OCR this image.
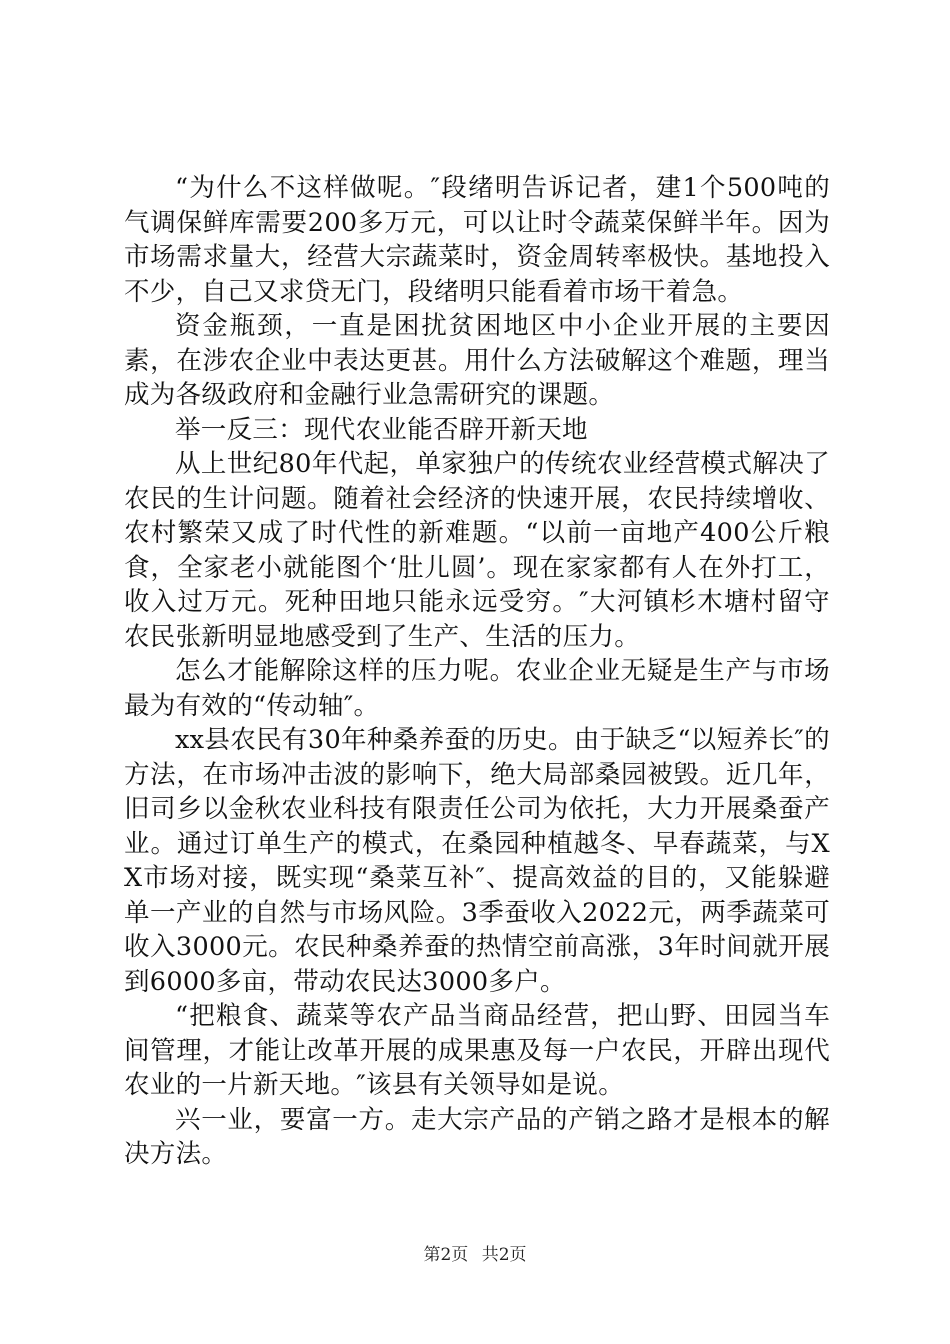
“为什么不这样做呢。″段绪明告诉记者，建1个500吨的气调保鲜库需要200多万元，可以让时令蔬菜保鲜半年。因为市场需求量大，经营大宗蔬菜时，资金周转率极快。基地投入不少，自己又求贷无门，段绪明只能看着市场干着急。

资金瓶颈，一直是困扰贫困地区中小企业开展的主要因素，在涉农企业中表达更甚。用什么方法破解这个难题，理当成为各级政府和金融行业急需研究的课题。

举一反三：现代农业能否辟开新天地

从上世纪80年代起，单家独户的传统农业经营模式解决了农民的生计问题。随着社会经济的快速开展，农民持续增收、农村繁荣又成了时代性的新难题。“以前一亩地产400公斤粮食，全家老小就能图个‘肚儿圆’。现在家家都有人在外打工，收入过万元。死种田地只能永远受穷。″大河镇杉木塘村留守农民张新明显地感受到了生产、生活的压力。

怎么才能解除这样的压力呢。农业企业无疑是生产与市场最为有效的“传动轴″。

xx县农民有30年种桑养蚕的历史。由于缺乏“以短养长″的方法，在市场冲击波的影响下，绝大局部桑园被毁。近几年，旧司乡以金秋农业科技有限责任公司为依托，大力开展桑蚕产业。通过订单生产的模式，在桑园种植越冬、早春蔬菜，与XX市场对接，既实现“桑菜互补″、提高效益的目的，又能躲避单一产业的自然与市场风险。3季蚕收入2022元，两季蔬菜可收入3000元。农民种桑养蚕的热情空前高涨，3年时间就开展到6000多亩，带动农民达3000多户。

“把粮食、蔬菜等农产品当商品经营，把山野、田园当车间管理，才能让改革开展的成果惠及每一户农民，开辟出现代农业的一片新天地。″该县有关领导如是说。

兴一业，要富一方。走大宗产品的产销之路才是根本的解决方法。

第2页 共2页
